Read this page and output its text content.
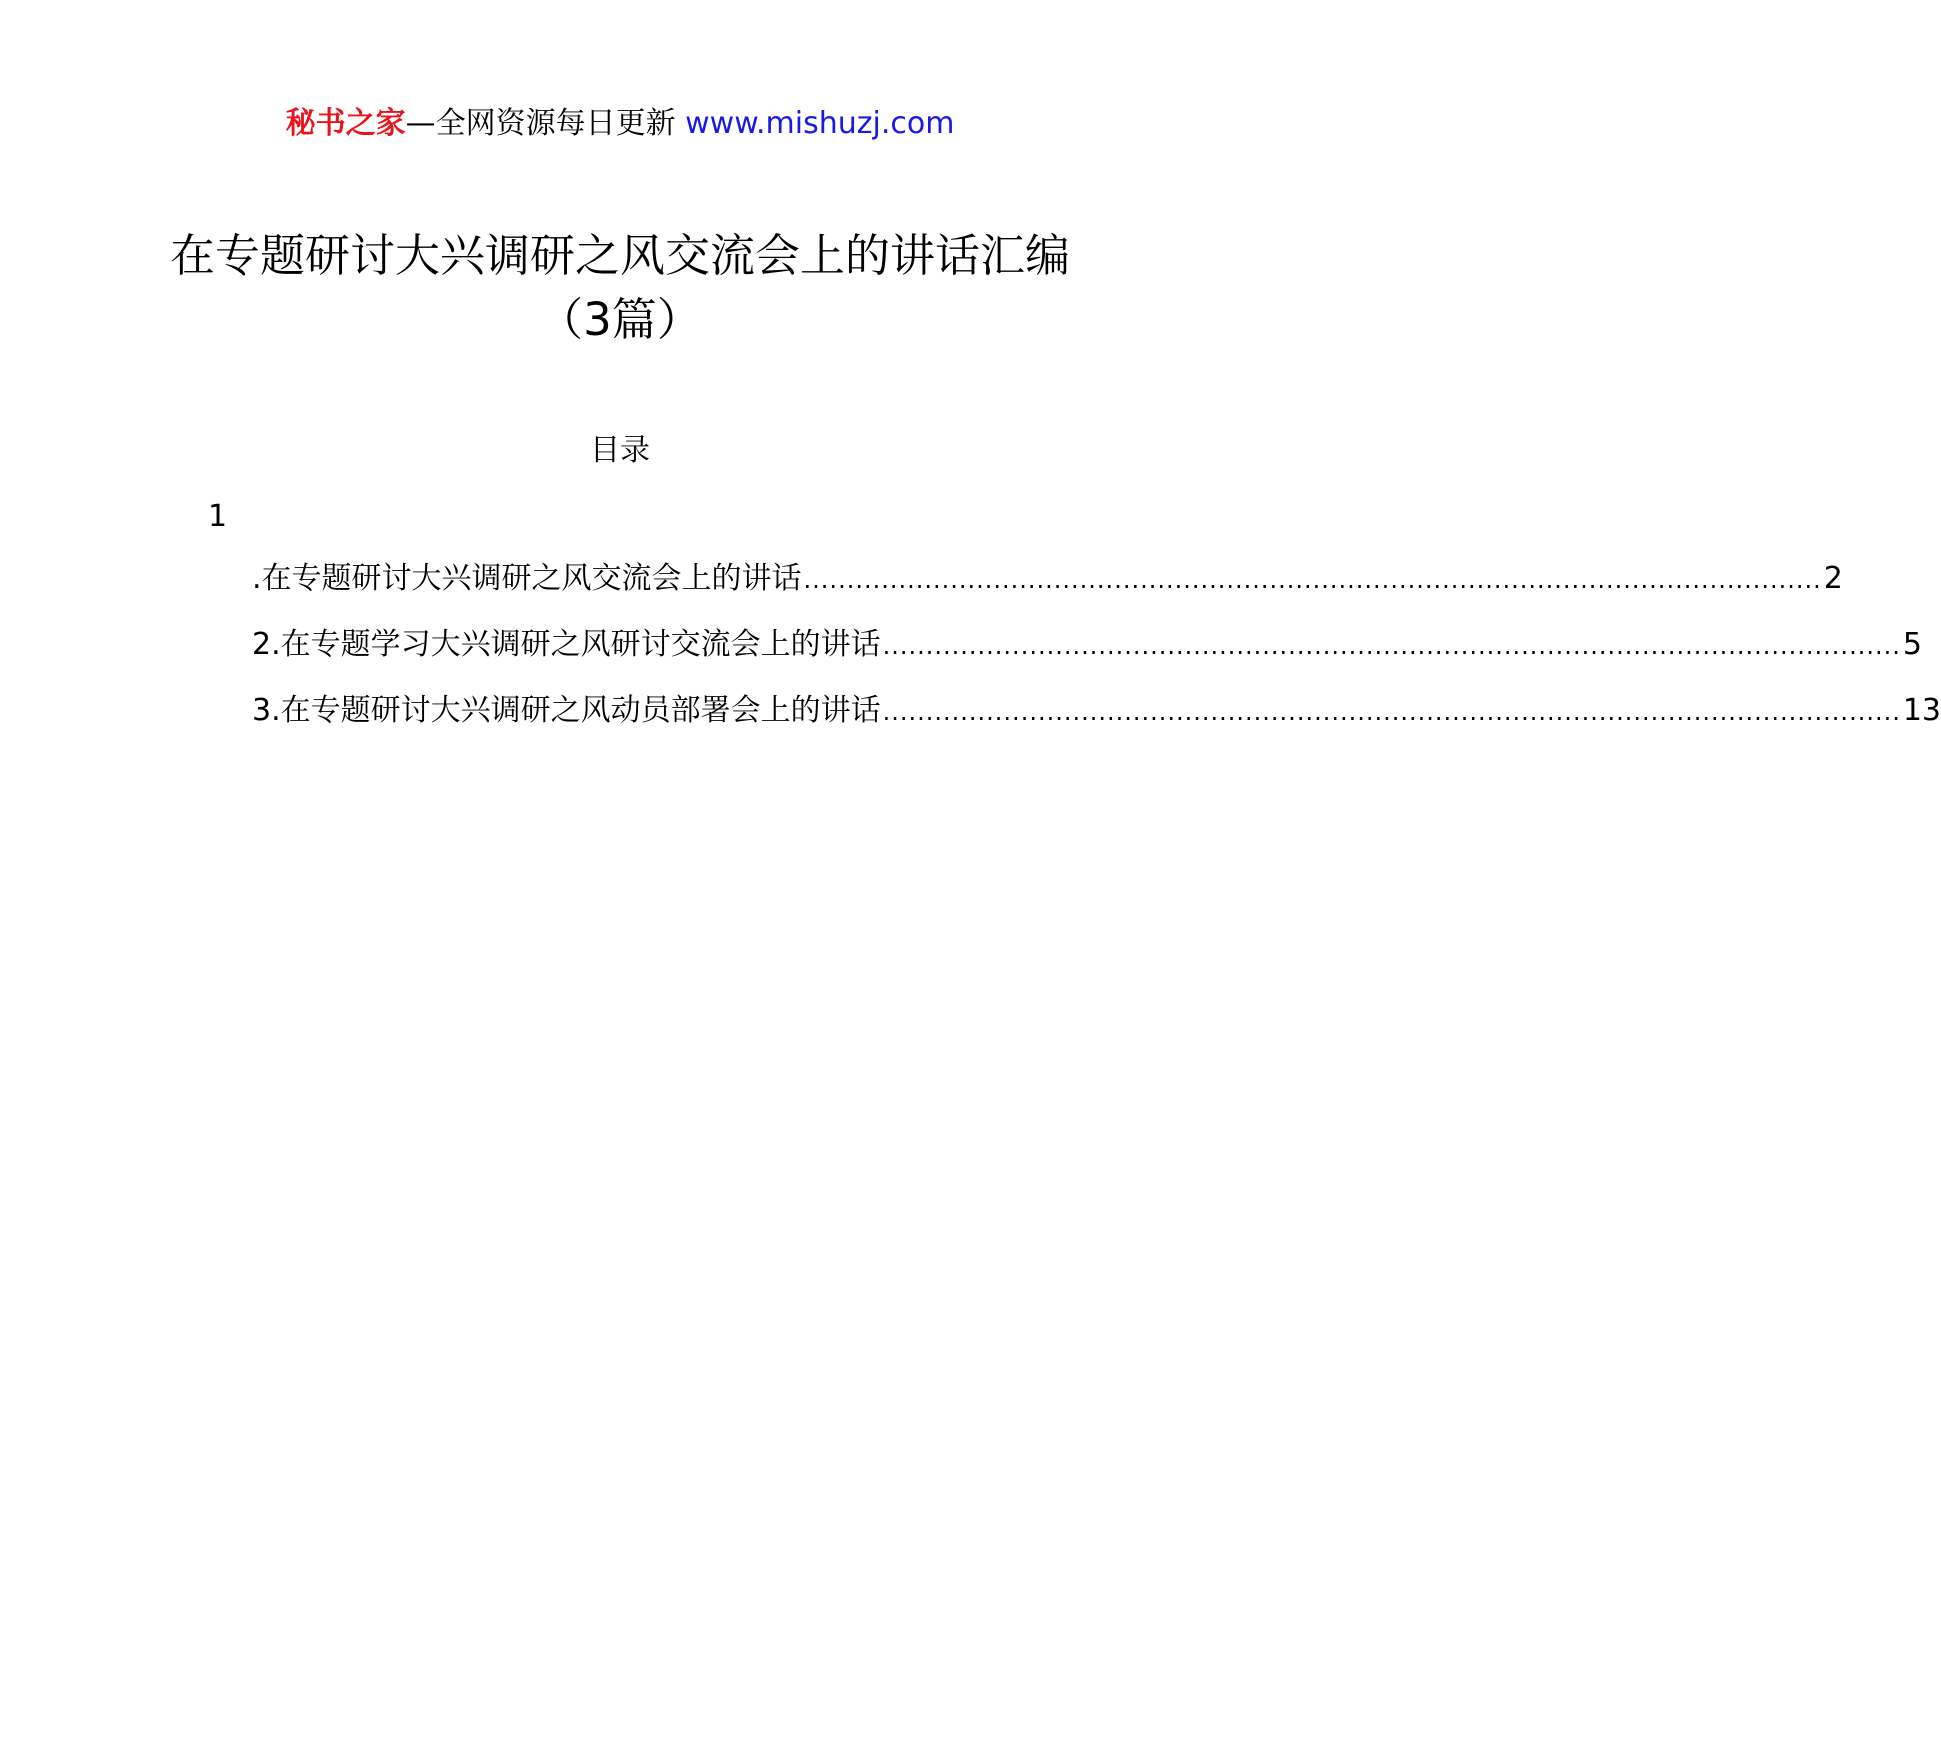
秘书之家—全网资源每日更新 www.mishuzj.com
在专题研讨大兴调研之风交流会上的讲话汇编（3篇）
目录
1
.在专题研讨大兴调研之风交流会上的讲话 ...................................................................................................................... 2
2.在专题学习大兴调研之风研讨交流会上的讲话 ...................................................................................................................... 5
3.在专题研讨大兴调研之风动员部署会上的讲话 ...................................................................................................................... 13
